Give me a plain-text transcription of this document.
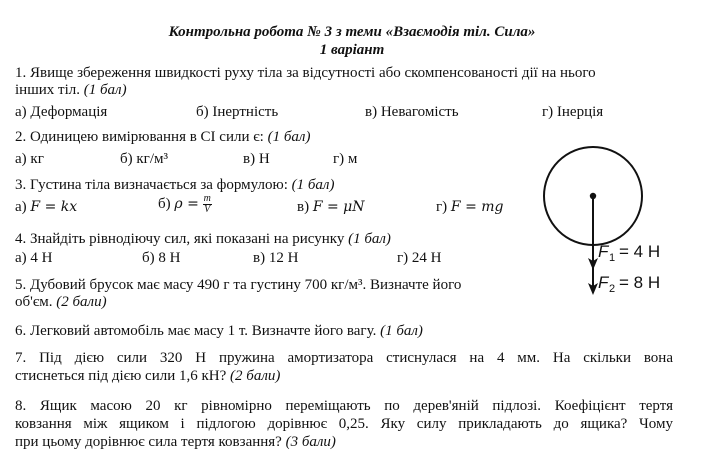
Контрольна робота № 3 з теми «Взаємодія тіл. Сила»
1 варіант
1. Явище збереження швидкості руху тіла за відсутності або скомпенсованості дії на нього
інших тіл. (1 бал)
а) Деформація	б) Інертність	в) Невагомість	г) Інерція
2. Одиницею вимірювання в СІ сили є: (1 бал)
а) кг	б) кг/м³	в) Н	г) м
3. Густина тіла визначається за формулою: (1 бал)
а) F = kx	б) $\rho = \frac{m}{V}$	в) F = μN	г) F = mg
4. Знайдіть рівнодіючу сил, які показані на рисунку (1 бал)
а) 4 Н	б) 8 Н	в) 12 Н	г) 24 Н	F 1 = 4 Н
F 2 = 8 Н
5. Дубовий брусок має масу 490 г та густину 700 кг/м³. Визначте його
об'єм. (2 бали)
6. Легковий автомобіль має масу 1 т. Визначте його вагу. (1 бал)
7. Під дією сили 320 Н пружина амортизатора стиснулася на 4 мм. На скільки вона
стиснеться під дією сили 1,6 кН? (2 бали)
8. Ящик масою 20 кг рівномірно переміщають по дерев'яній підлозі. Коефіцієнт тертя
ковзання між ящиком і підлогою дорівнює 0,25. Яку силу прикладають до ящика? Чому
при цьому дорівнює сила тертя ковзання? (3 бали)
